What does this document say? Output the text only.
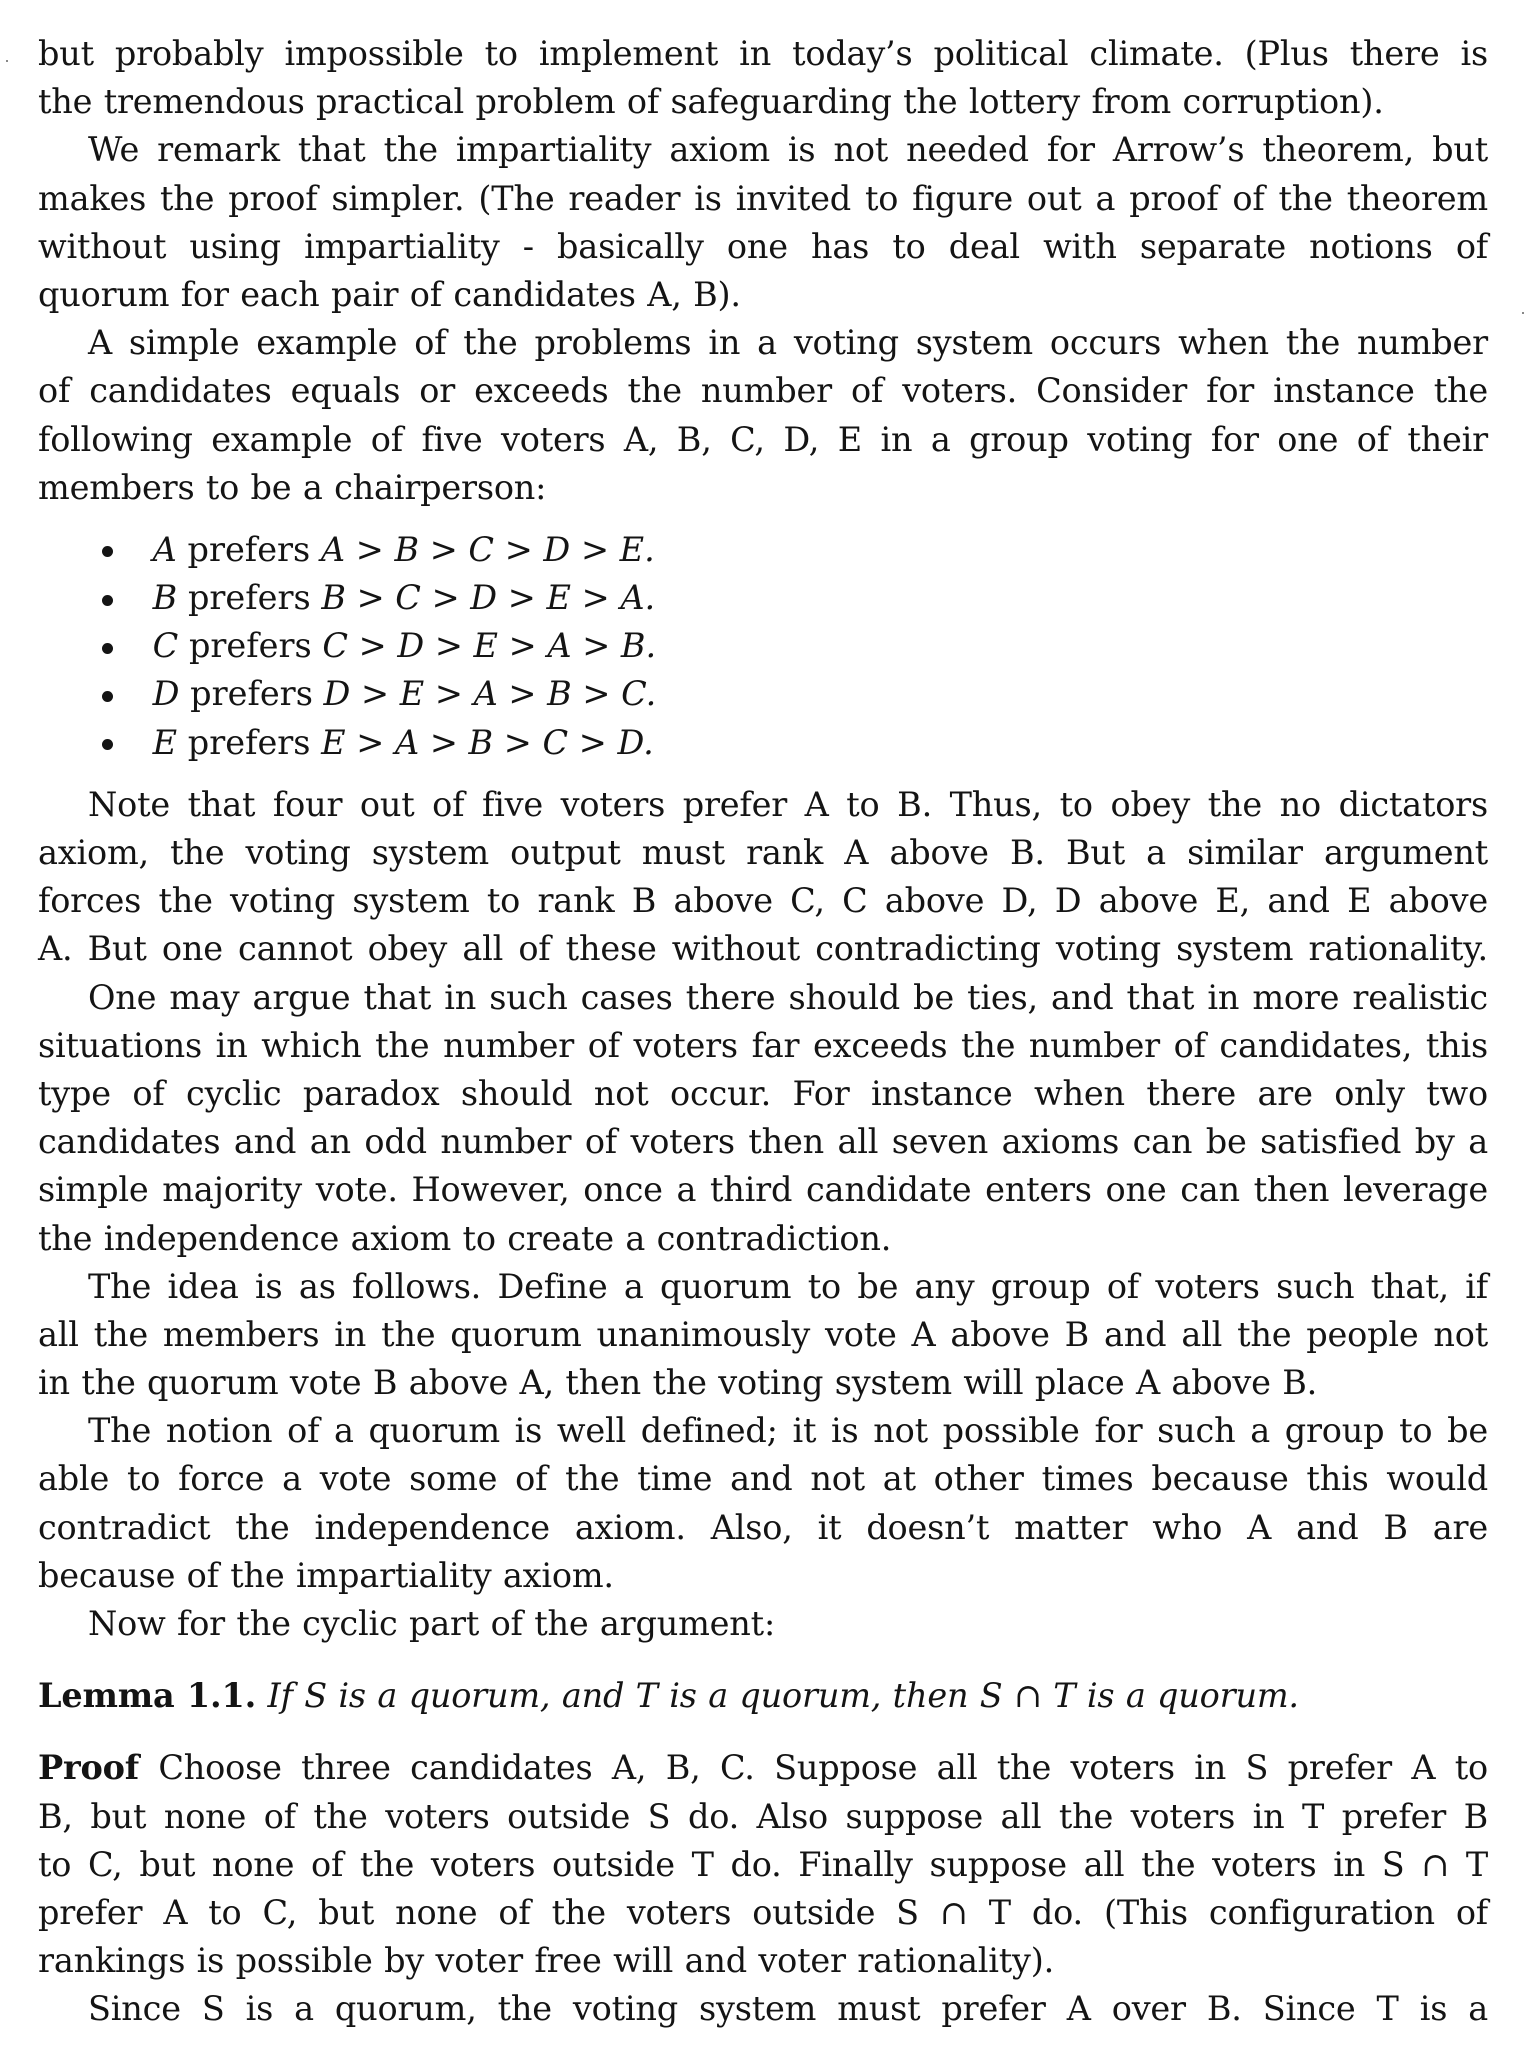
but probably impossible to implement in today’s political climate. (Plus there is
the tremendous practical problem of safeguarding the lottery from corruption).
We remark that the impartiality axiom is not needed for Arrow’s theorem, but
makes the proof simpler. (The reader is invited to figure out a proof of the theorem
without using impartiality - basically one has to deal with separate notions of
quorum for each pair of candidates A, B).
A simple example of the problems in a voting system occurs when the number
of candidates equals or exceeds the number of voters. Consider for instance the
following example of five voters A, B, C, D, E in a group voting for one of their
members to be a chairperson:
A prefers A > B > C > D > E.
B prefers B > C > D > E > A.
C prefers C > D > E > A > B.
D prefers D > E > A > B > C.
E prefers E > A > B > C > D.
Note that four out of five voters prefer A to B. Thus, to obey the no dictators
axiom, the voting system output must rank A above B. But a similar argument
forces the voting system to rank B above C, C above D, D above E, and E above
A. But one cannot obey all of these without contradicting voting system rationality.
One may argue that in such cases there should be ties, and that in more realistic
situations in which the number of voters far exceeds the number of candidates, this
type of cyclic paradox should not occur. For instance when there are only two
candidates and an odd number of voters then all seven axioms can be satisfied by a
simple majority vote. However, once a third candidate enters one can then leverage
the independence axiom to create a contradiction.
The idea is as follows. Define a quorum to be any group of voters such that, if
all the members in the quorum unanimously vote A above B and all the people not
in the quorum vote B above A, then the voting system will place A above B.
The notion of a quorum is well defined; it is not possible for such a group to be
able to force a vote some of the time and not at other times because this would
contradict the independence axiom. Also, it doesn’t matter who A and B are
because of the impartiality axiom.
Now for the cyclic part of the argument:
Lemma 1.1. If S is a quorum, and T is a quorum, then S ∩ T is a quorum.
Proof Choose three candidates A, B, C. Suppose all the voters in S prefer A to
B, but none of the voters outside S do. Also suppose all the voters in T prefer B
to C, but none of the voters outside T do. Finally suppose all the voters in S ∩ T
prefer A to C, but none of the voters outside S ∩ T do. (This configuration of
rankings is possible by voter free will and voter rationality).
Since S is a quorum, the voting system must prefer A over B. Since T is a
